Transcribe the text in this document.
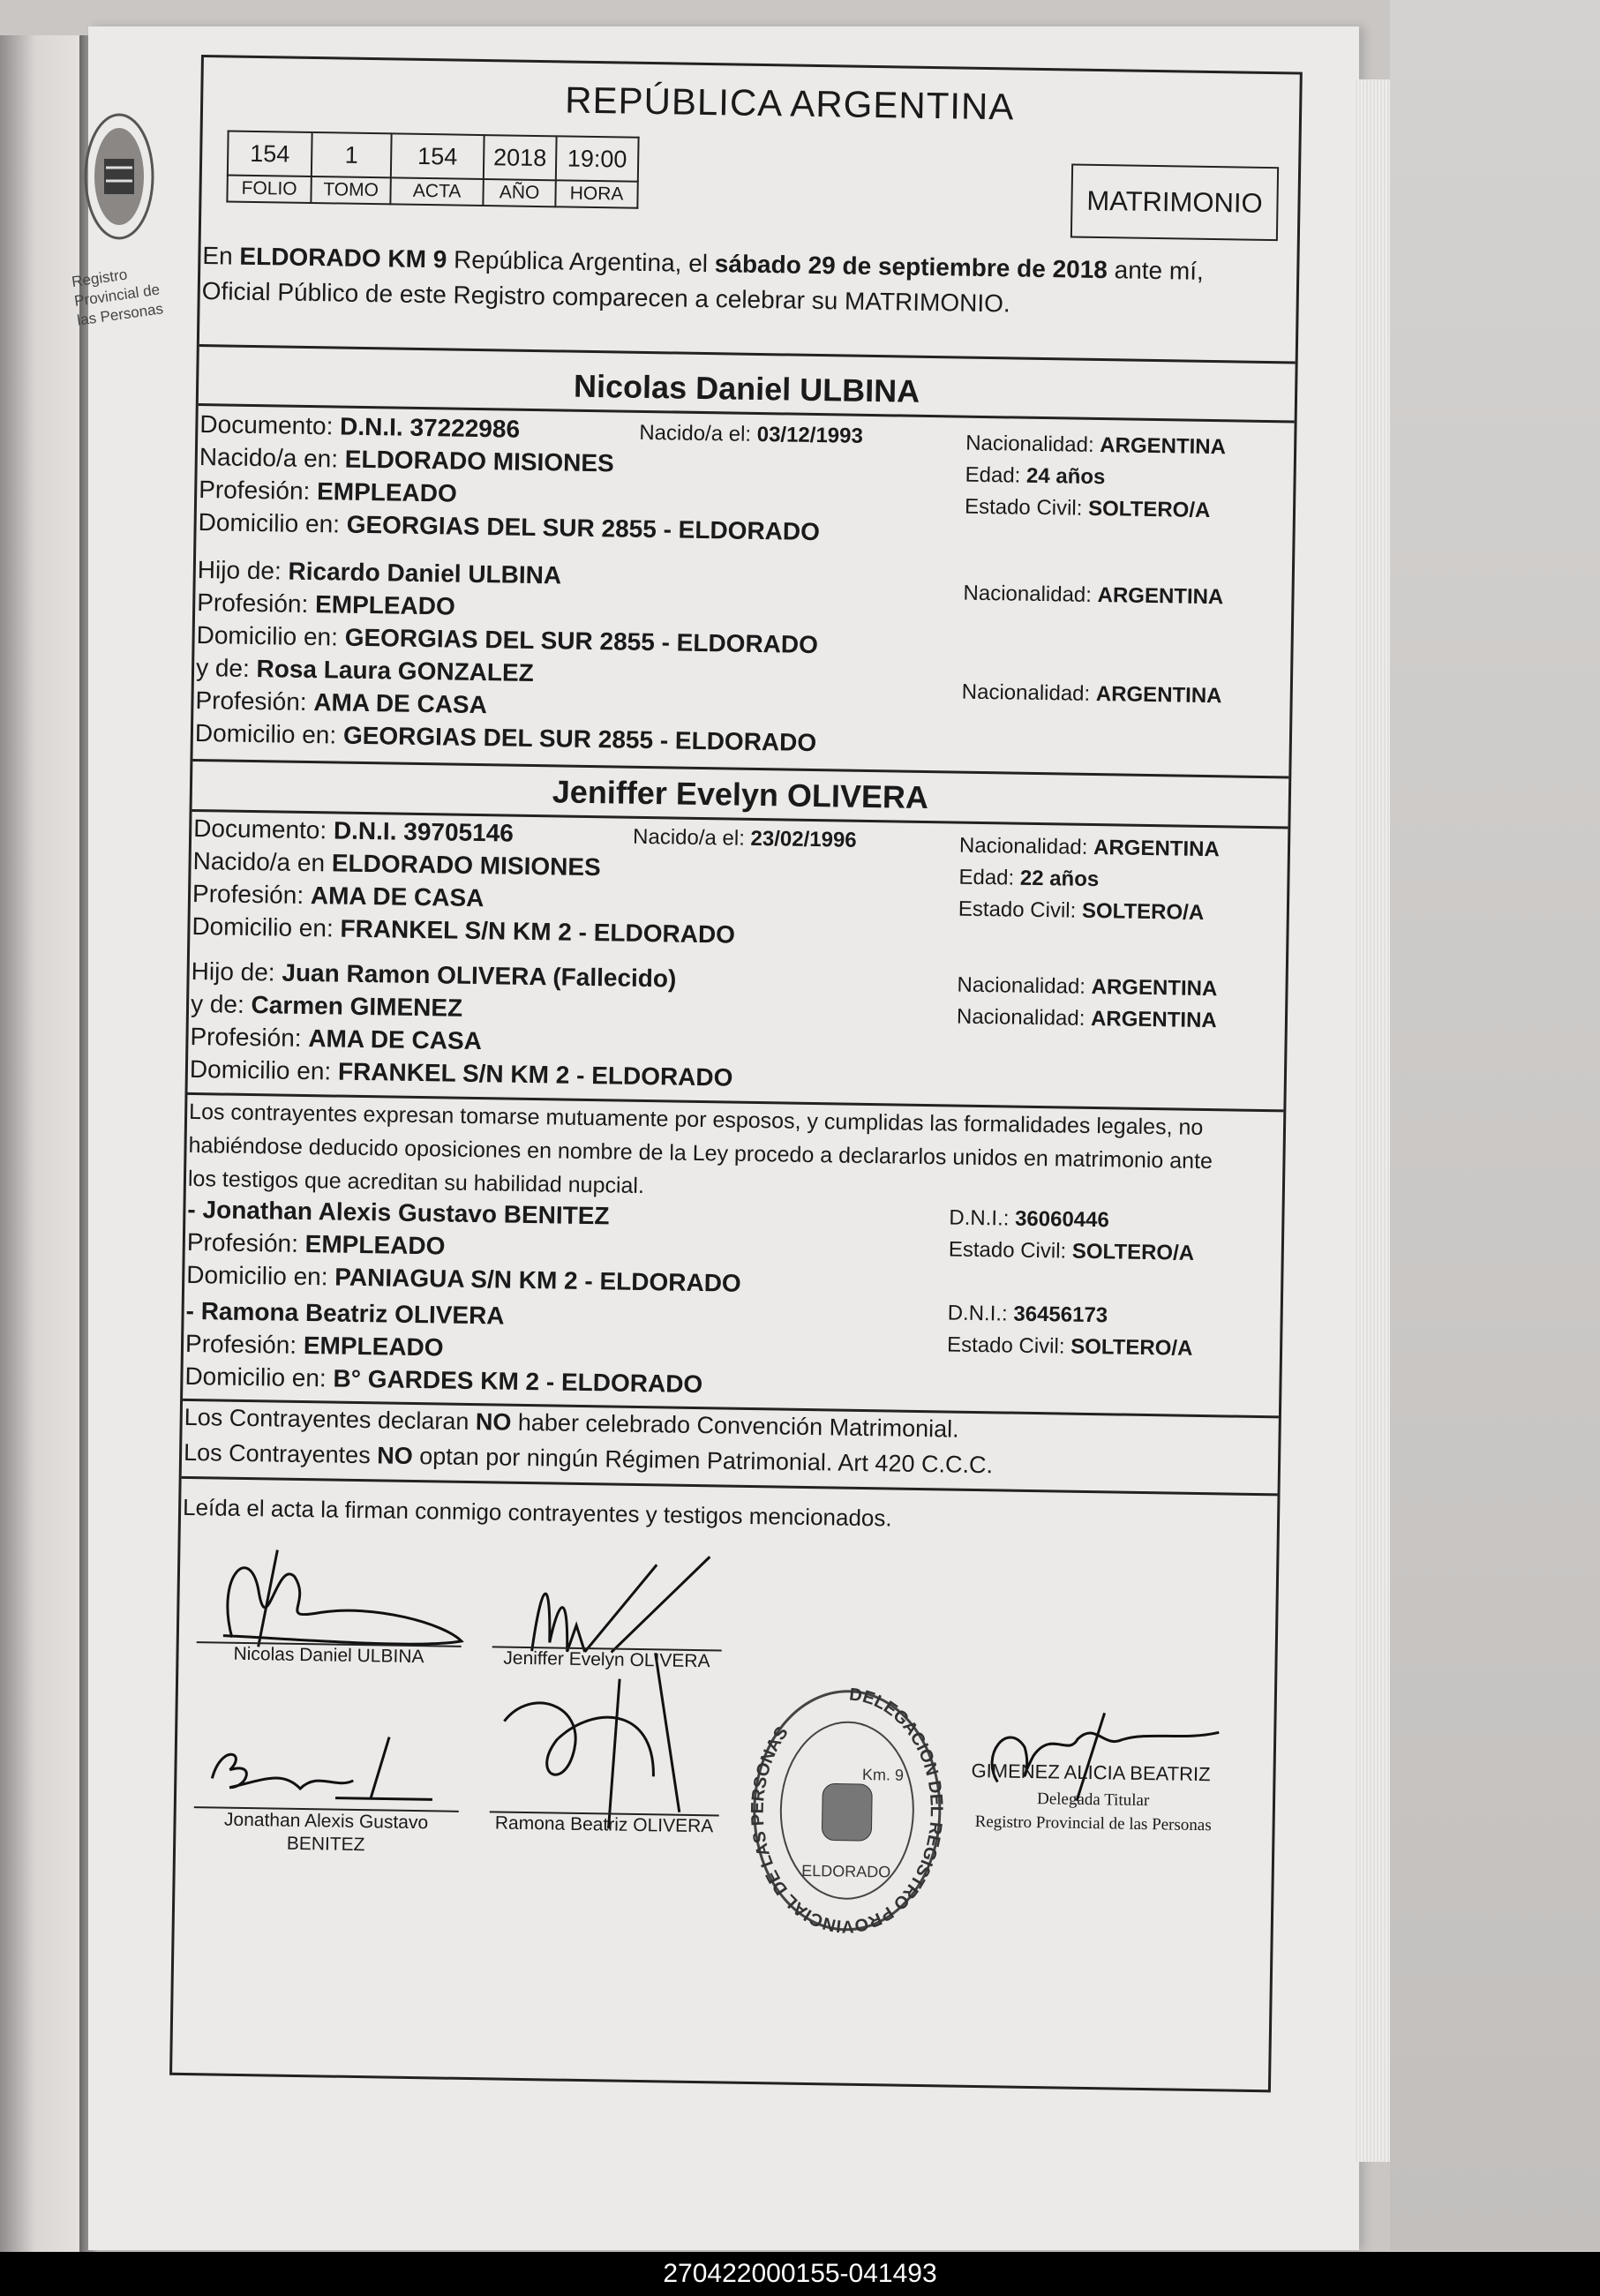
Registro Provincial de las Personas
REPÚBLICA ARGENTINA
154	1	154	2018	19:00
FOLIO	TOMO	ACTA	AÑO	HORA	MATRIMONIO
En ELDORADO KM 9 República Argentina, el sábado 29 de septiembre de 2018 ante mí,
Oficial Público de este Registro comparecen a celebrar su MATRIMONIO.
Nicolas Daniel ULBINA
Documento: D.N.I. 37222986	Nacido/a el: 03/12/1993
Nacido/a en: ELDORADO MISIONES
Profesión: EMPLEADO
Domicilio en: GEORGIAS DEL SUR 2855 - ELDORADO
Nacionalidad: ARGENTINA
Edad: 24 años
Estado Civil: SOLTERO/A
Hijo de: Ricardo Daniel ULBINA
Profesión: EMPLEADO
Domicilio en: GEORGIAS DEL SUR 2855 - ELDORADO
Nacionalidad: ARGENTINA
y de: Rosa Laura GONZALEZ
Profesión: AMA DE CASA
Domicilio en: GEORGIAS DEL SUR 2855 - ELDORADO
Nacionalidad: ARGENTINA
Jeniffer Evelyn OLIVERA
Documento: D.N.I. 39705146	Nacido/a el: 23/02/1996
Nacido/a en ELDORADO MISIONES
Profesión: AMA DE CASA
Domicilio en: FRANKEL S/N KM 2 - ELDORADO
Nacionalidad: ARGENTINA
Edad: 22 años
Estado Civil: SOLTERO/A
Hijo de: Juan Ramon OLIVERA (Fallecido)	Nacionalidad: ARGENTINA
y de: Carmen GIMENEZ	Nacionalidad: ARGENTINA
Profesión: AMA DE CASA
Domicilio en: FRANKEL S/N KM 2 - ELDORADO
Los contrayentes expresan tomarse mutuamente por esposos, y cumplidas las formalidades legales, no
habiéndose deducido oposiciones en nombre de la Ley procedo a declararlos unidos en matrimonio ante
los testigos que acreditan su habilidad nupcial.
- Jonathan Alexis Gustavo BENITEZ
Profesión: EMPLEADO
Domicilio en: PANIAGUA S/N KM 2 - ELDORADO
D.N.I.: 36060446
Estado Civil: SOLTERO/A
- Ramona Beatriz OLIVERA
Profesión: EMPLEADO
Domicilio en: B° GARDES KM 2 - ELDORADO
D.N.I.: 36456173
Estado Civil: SOLTERO/A
Los Contrayentes declaran NO haber celebrado Convención Matrimonial.
Los Contrayentes NO optan por ningún Régimen Patrimonial. Art 420 C.C.C.
Leída el acta la firman conmigo contrayentes y testigos mencionados.
Nicolas Daniel ULBINA	Jeniffer Evelyn OLIVERA
Jonathan Alexis Gustavo
BENITEZ
Ramona Beatriz OLIVERA
DELEGACION DEL REGISTRO PROVINCIAL DE LAS PERSONAS
ELDORADO
Km. 9	GIMENEZ ALICIA BEATRIZ
Delegada Titular
Registro Provincial de las Personas
270422000155-041493
